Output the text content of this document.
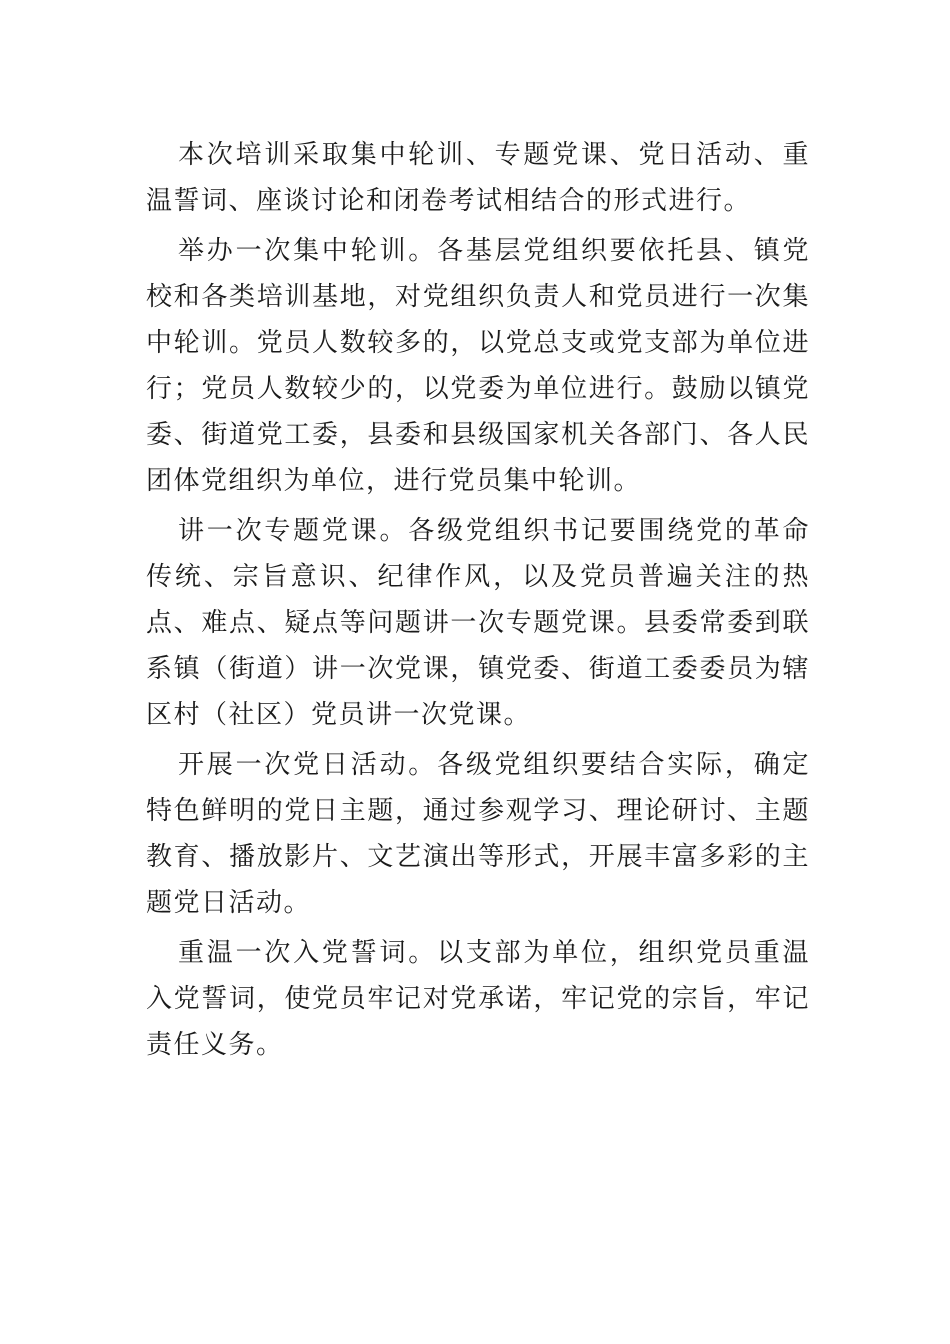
本次培训采取集中轮训、专题党课、党日活动、重温誓词、座谈讨论和闭卷考试相结合的形式进行。

举办一次集中轮训。各基层党组织要依托县、镇党校和各类培训基地，对党组织负责人和党员进行一次集中轮训。党员人数较多的，以党总支或党支部为单位进行；党员人数较少的，以党委为单位进行。鼓励以镇党委、街道党工委，县委和县级国家机关各部门、各人民团体党组织为单位，进行党员集中轮训。

讲一次专题党课。各级党组织书记要围绕党的革命传统、宗旨意识、纪律作风，以及党员普遍关注的热点、难点、疑点等问题讲一次专题党课。县委常委到联系镇（街道）讲一次党课，镇党委、街道工委委员为辖区村（社区）党员讲一次党课。

开展一次党日活动。各级党组织要结合实际，确定特色鲜明的党日主题，通过参观学习、理论研讨、主题教育、播放影片、文艺演出等形式，开展丰富多彩的主题党日活动。

重温一次入党誓词。以支部为单位，组织党员重温入党誓词，使党员牢记对党承诺，牢记党的宗旨，牢记责任义务。
